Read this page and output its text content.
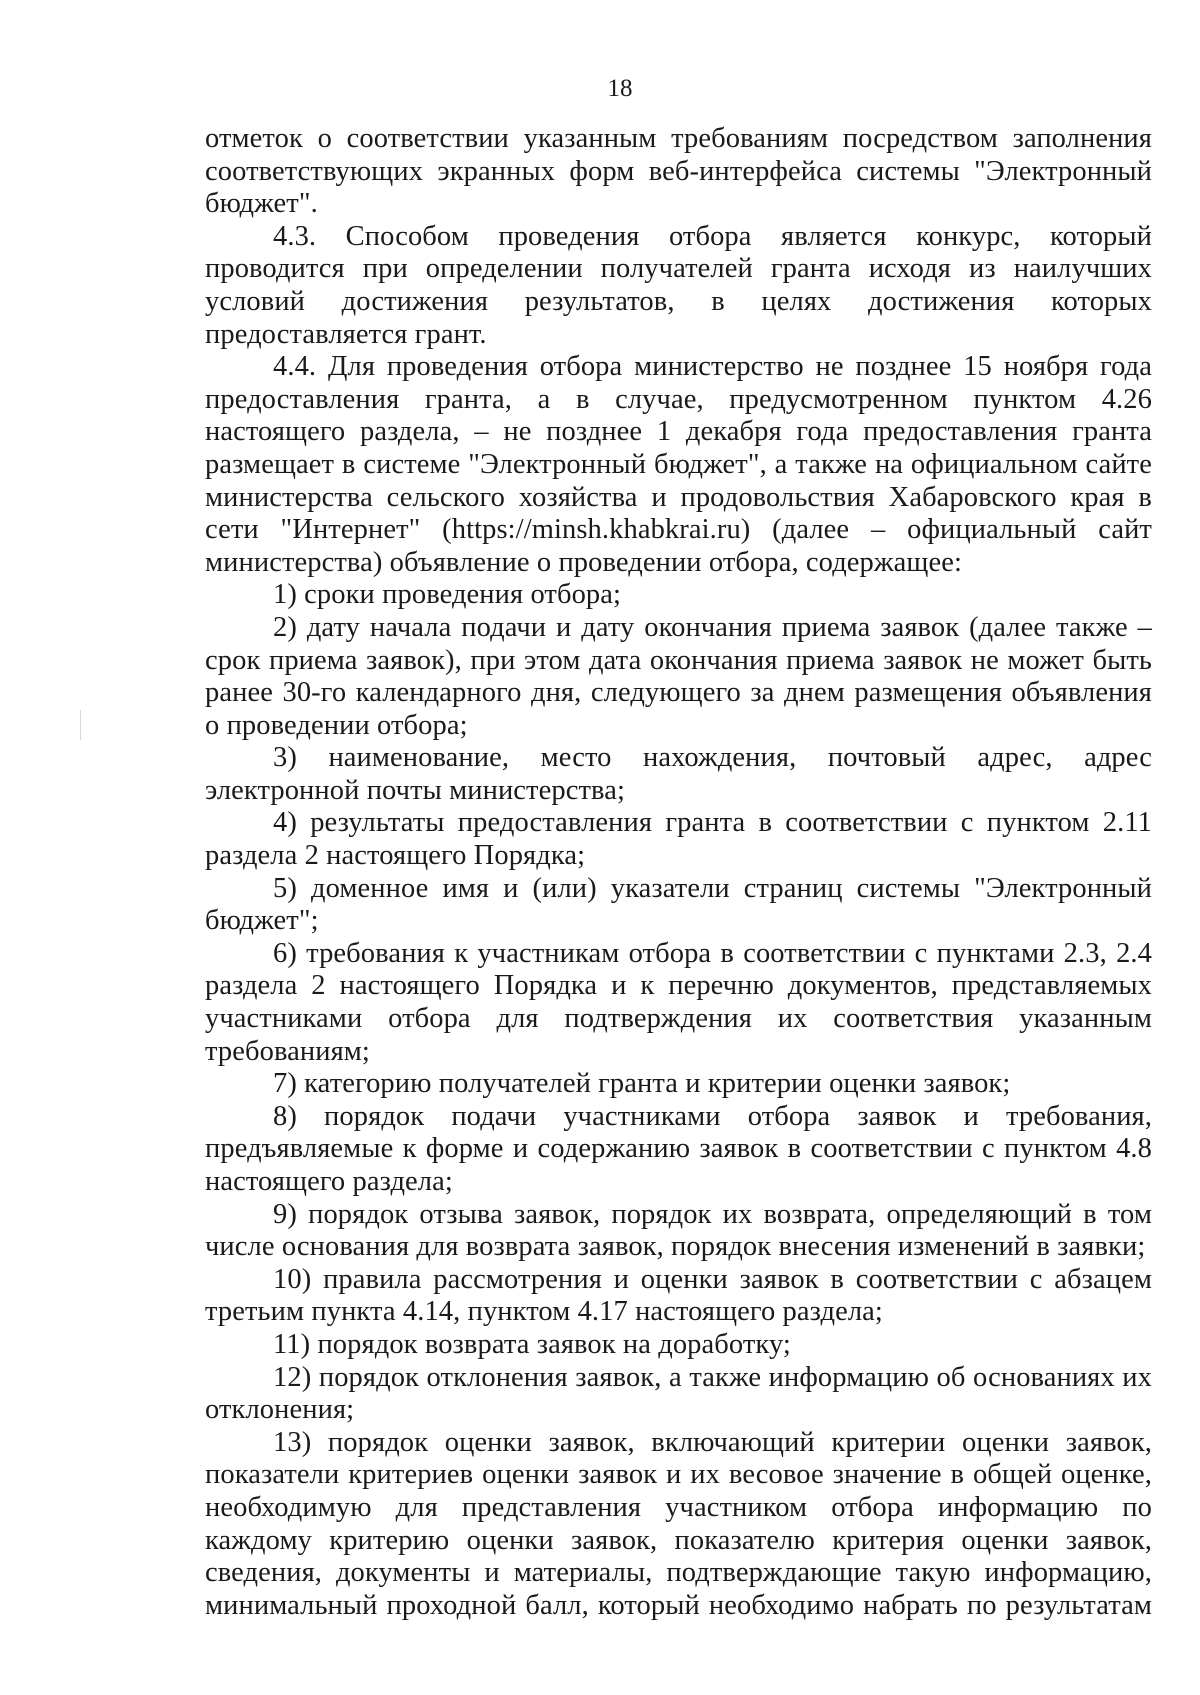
18

отметок о соответствии указанным требованиям посредством заполнения соответствующих экранных форм веб-интерфейса системы "Электронный бюджет".

4.3. Способом проведения отбора является конкурс, который проводится при определении получателей гранта исходя из наилучших условий достижения результатов, в целях достижения которых предоставляется грант.

4.4. Для проведения отбора министерство не позднее 15 ноября года предоставления гранта, а в случае, предусмотренном пунктом 4.26 настоящего раздела, – не позднее 1 декабря года предоставления гранта размещает в системе "Электронный бюджет", а также на официальном сайте министерства сельского хозяйства и продовольствия Хабаровского края в сети "Интернет" (https://minsh.khabkrai.ru) (далее – официальный сайт министерства) объявление о проведении отбора, содержащее:

1) сроки проведения отбора;

2) дату начала подачи и дату окончания приема заявок (далее также – срок приема заявок), при этом дата окончания приема заявок не может быть ранее 30-го календарного дня, следующего за днем размещения объявления о проведении отбора;

3) наименование, место нахождения, почтовый адрес, адрес электронной почты министерства;

4) результаты предоставления гранта в соответствии с пунктом 2.11 раздела 2 настоящего Порядка;

5) доменное имя и (или) указатели страниц системы "Электронный бюджет";

6) требования к участникам отбора в соответствии с пунктами 2.3, 2.4 раздела 2 настоящего Порядка и к перечню документов, представляемых участниками отбора для подтверждения их соответствия указанным требованиям;

7) категорию получателей гранта и критерии оценки заявок;

8) порядок подачи участниками отбора заявок и требования, предъявляемые к форме и содержанию заявок в соответствии с пунктом 4.8 настоящего раздела;

9) порядок отзыва заявок, порядок их возврата, определяющий в том числе основания для возврата заявок, порядок внесения изменений в заявки;

10) правила рассмотрения и оценки заявок в соответствии с абзацем третьим пункта 4.14, пунктом 4.17 настоящего раздела;

11) порядок возврата заявок на доработку;

12) порядок отклонения заявок, а также информацию об основаниях их отклонения;

13) порядок оценки заявок, включающий критерии оценки заявок, показатели критериев оценки заявок и их весовое значение в общей оценке, необходимую для представления участником отбора информацию по каждому критерию оценки заявок, показателю критерия оценки заявок, сведения, документы и материалы, подтверждающие такую информацию, минимальный проходной балл, который необходимо набрать по результатам
